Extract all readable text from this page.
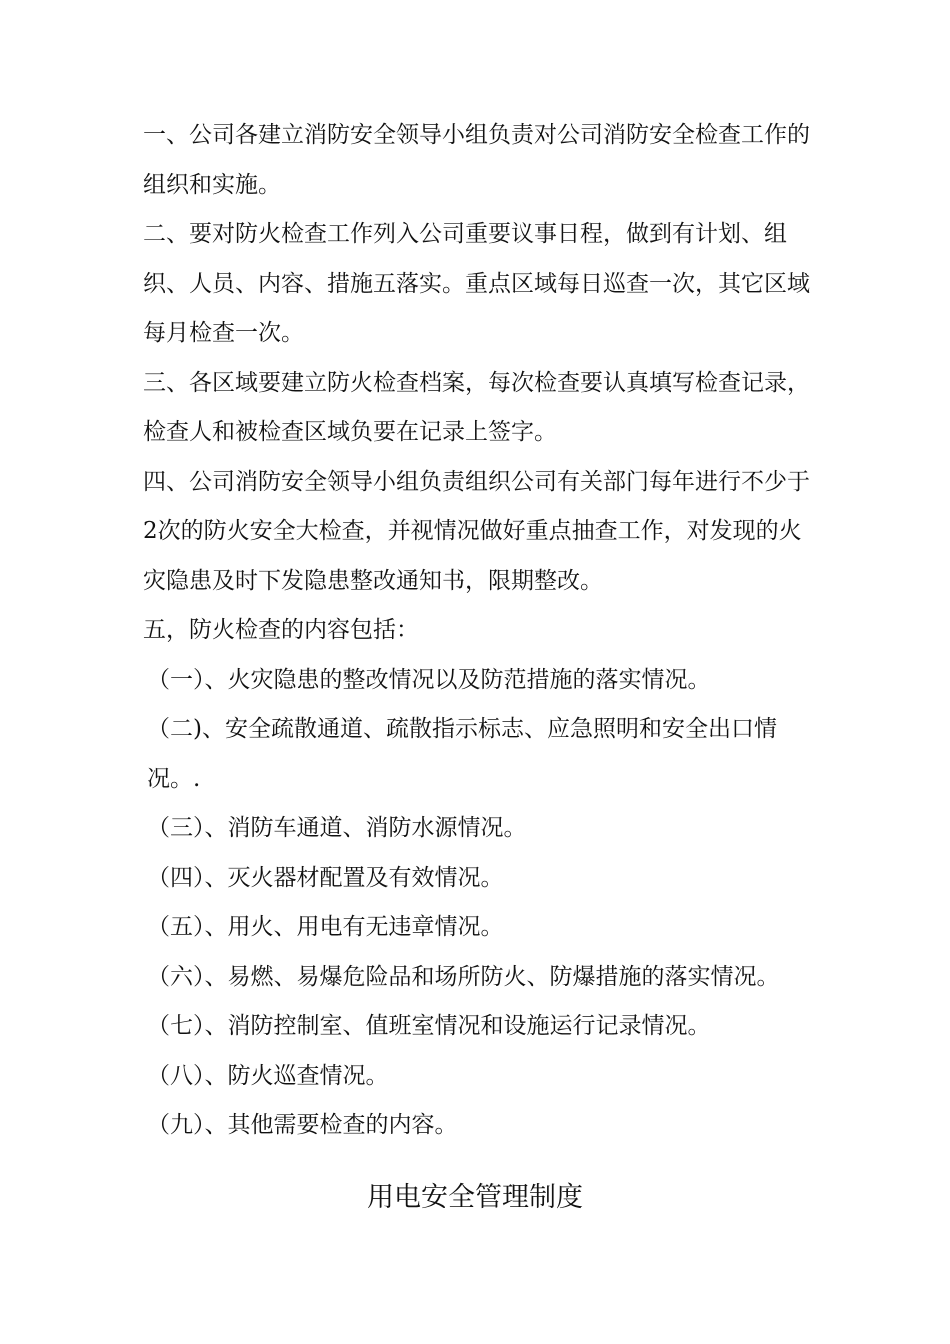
一、公司各建立消防安全领导小组负责对公司消防安全检查工作的组织和实施。

二、要对防火检查工作列入公司重要议事日程，做到有计划、组织、人员、内容、措施五落实。重点区域每日巡查一次，其它区域每月检查一次。

三、各区域要建立防火检查档案，每次检查要认真填写检查记录，检查人和被检查区域负要在记录上签字。

四、公司消防安全领导小组负责组织公司有关部门每年进行不少于2次的防火安全大检查，并视情况做好重点抽查工作，对发现的火灾隐患及时下发隐患整改通知书，限期整改。

五，防火检查的内容包括：

（一）、火灾隐患的整改情况以及防范措施的落实情况。

（二)、安全疏散通道、疏散指示标志、应急照明和安全出口情况。.

（三）、消防车通道、消防水源情况。

（四）、灭火器材配置及有效情况。

（五）、用火、用电有无违章情况。

（六）、易燃、易爆危险品和场所防火、防爆措施的落实情况。

（七）、消防控制室、值班室情况和设施运行记录情况。

（八）、防火巡查情况。

（九）、其他需要检查的内容。

用电安全管理制度
